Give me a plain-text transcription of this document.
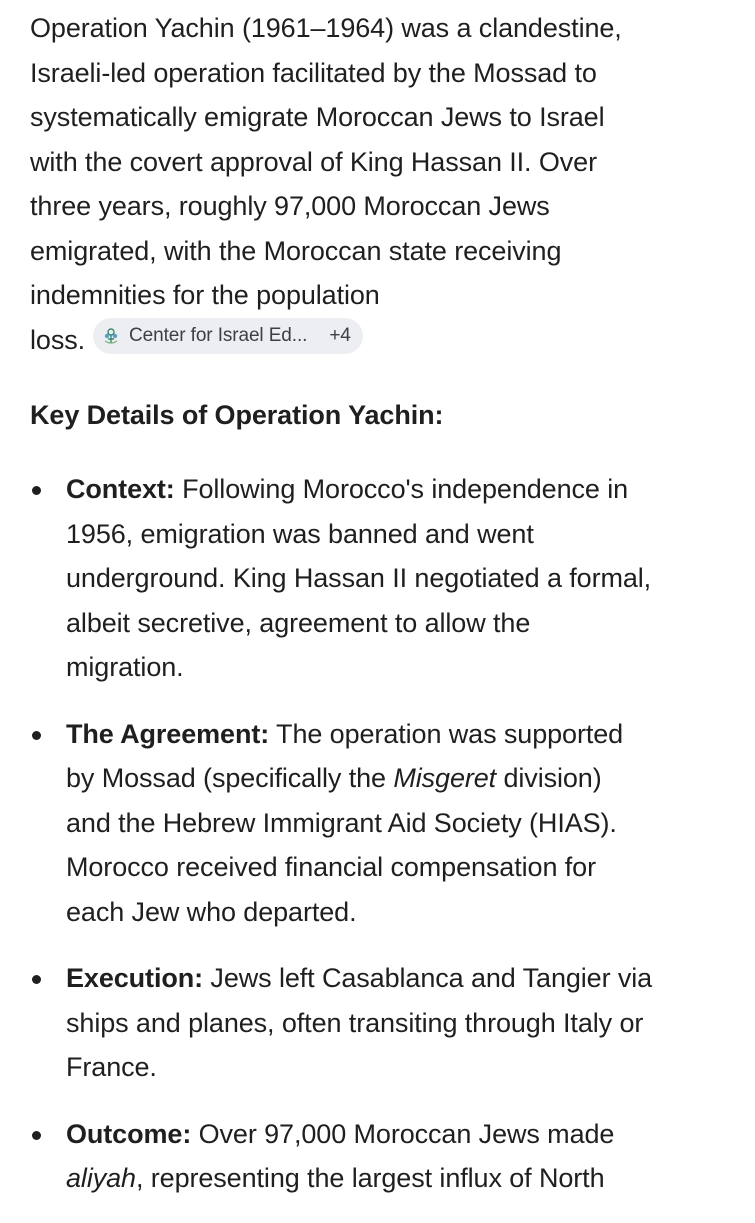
Operation Yachin (1961–1964) was a clandestine,
Israeli-led operation facilitated by the Mossad to
systematically emigrate Moroccan Jews to Israel
with the covert approval of King Hassan II. Over
three years, roughly 97,000 Moroccan Jews
emigrated, with the Moroccan state receiving
indemnities for the population
loss. Center for Israel Ed... +4

Key Details of Operation Yachin:
Context: Following Morocco's independence in
1956, emigration was banned and went
underground. King Hassan II negotiated a formal,
albeit secretive, agreement to allow the
migration.
The Agreement: The operation was supported
by Mossad (specifically the Misgeret division)
and the Hebrew Immigrant Aid Society (HIAS).
Morocco received financial compensation for
each Jew who departed.
Execution: Jews left Casablanca and Tangier via
ships and planes, often transiting through Italy or
France.
Outcome: Over 97,000 Moroccan Jews made
aliyah, representing the largest influx of North
